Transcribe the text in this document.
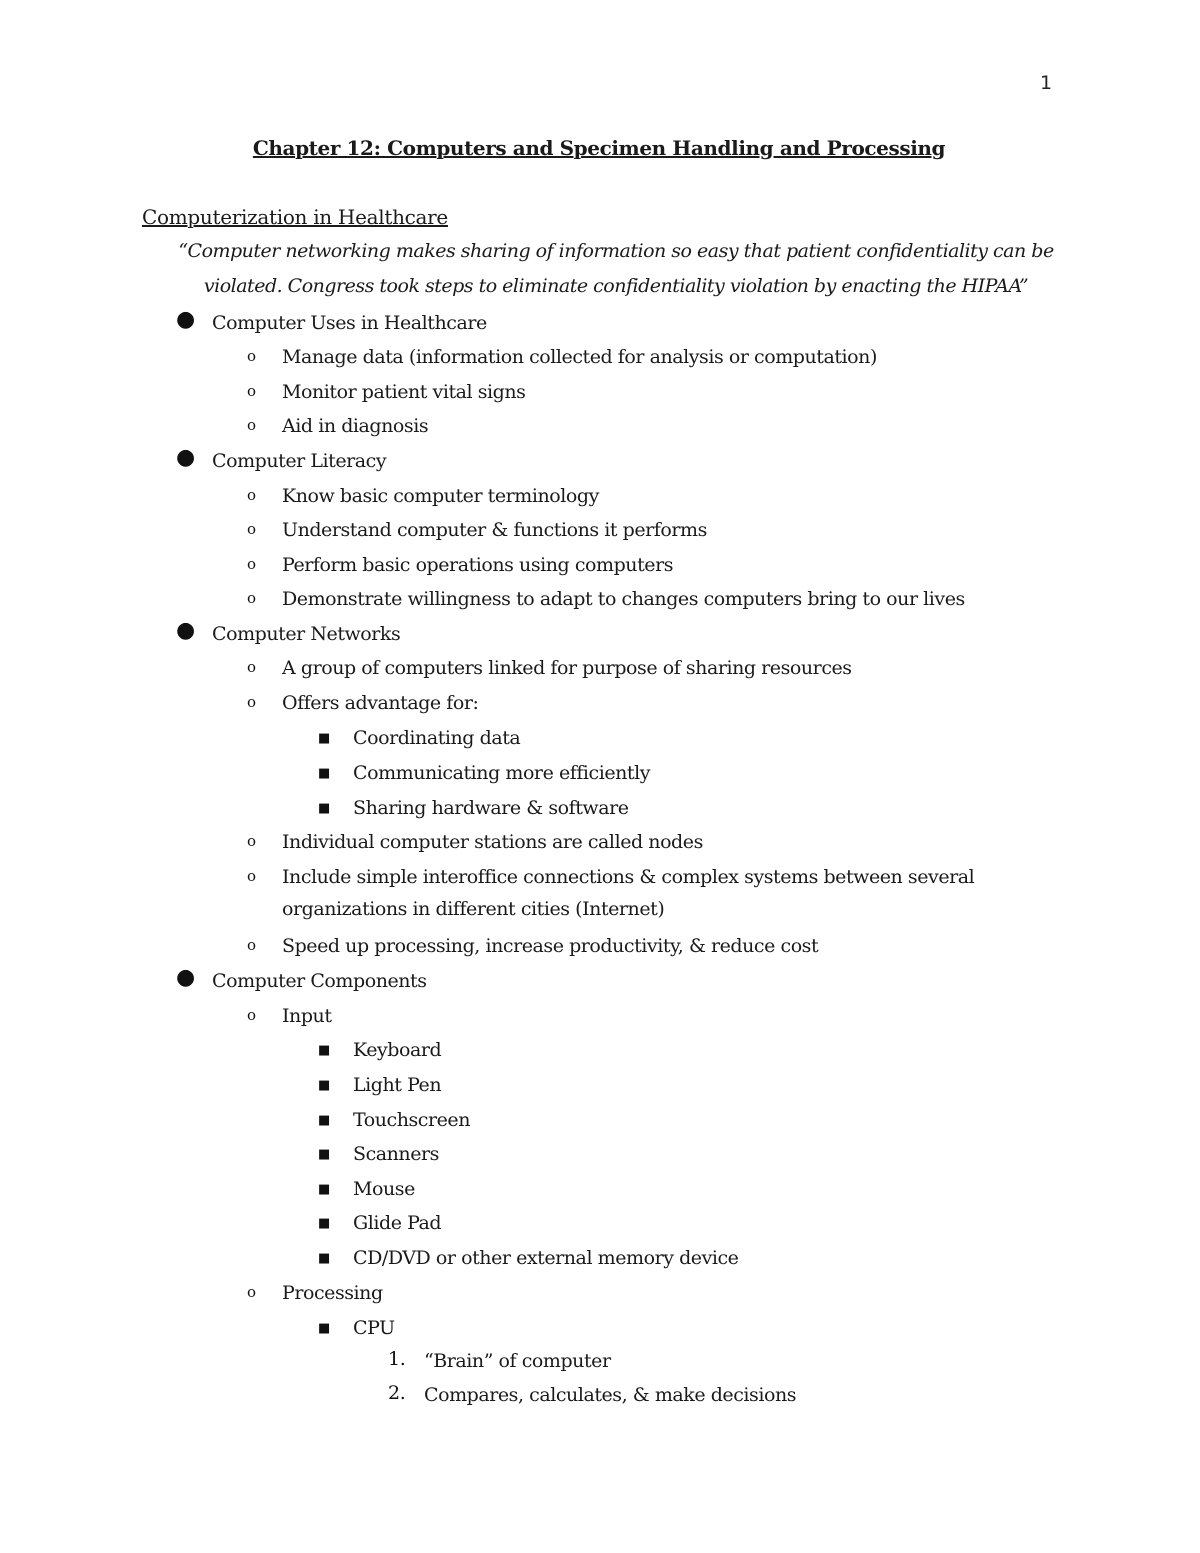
1
Chapter 12: Computers and Specimen Handling and Processing
Computerization in Healthcare
“Computer networking makes sharing of information so easy that patient confidentiality can be
violated. Congress took steps to eliminate confidentiality violation by enacting the HIPAA”
● Computer Uses in Healthcare
o Manage data (information collected for analysis or computation)
o Monitor patient vital signs
o Aid in diagnosis
● Computer Literacy
o Know basic computer terminology
o Understand computer & functions it performs
o Perform basic operations using computers
o Demonstrate willingness to adapt to changes computers bring to our lives
● Computer Networks
o A group of computers linked for purpose of sharing resources
o Offers advantage for:
■ Coordinating data
■ Communicating more efficiently
■ Sharing hardware & software
o Individual computer stations are called nodes
o Include simple interoffice connections & complex systems between several
organizations in different cities (Internet)
o Speed up processing, increase productivity, & reduce cost
● Computer Components
o Input
■ Keyboard
■ Light Pen
■ Touchscreen
■ Scanners
■ Mouse
■ Glide Pad
■ CD/DVD or other external memory device
o Processing
■ CPU
1. “Brain” of computer
2. Compares, calculates, & make decisions
